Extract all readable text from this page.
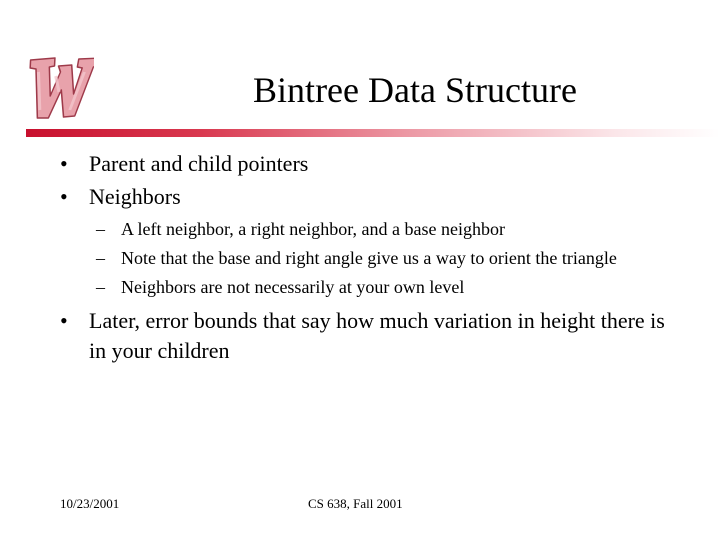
Bintree Data Structure
• Parent and child pointers
• Neighbors
– A left neighbor, a right neighbor, and a base neighbor
– Note that the base and right angle give us a way to orient the triangle
– Neighbors are not necessarily at your own level
• Later, error bounds that say how much variation in height there is in your children
10/23/2001	CS 638, Fall 2001
